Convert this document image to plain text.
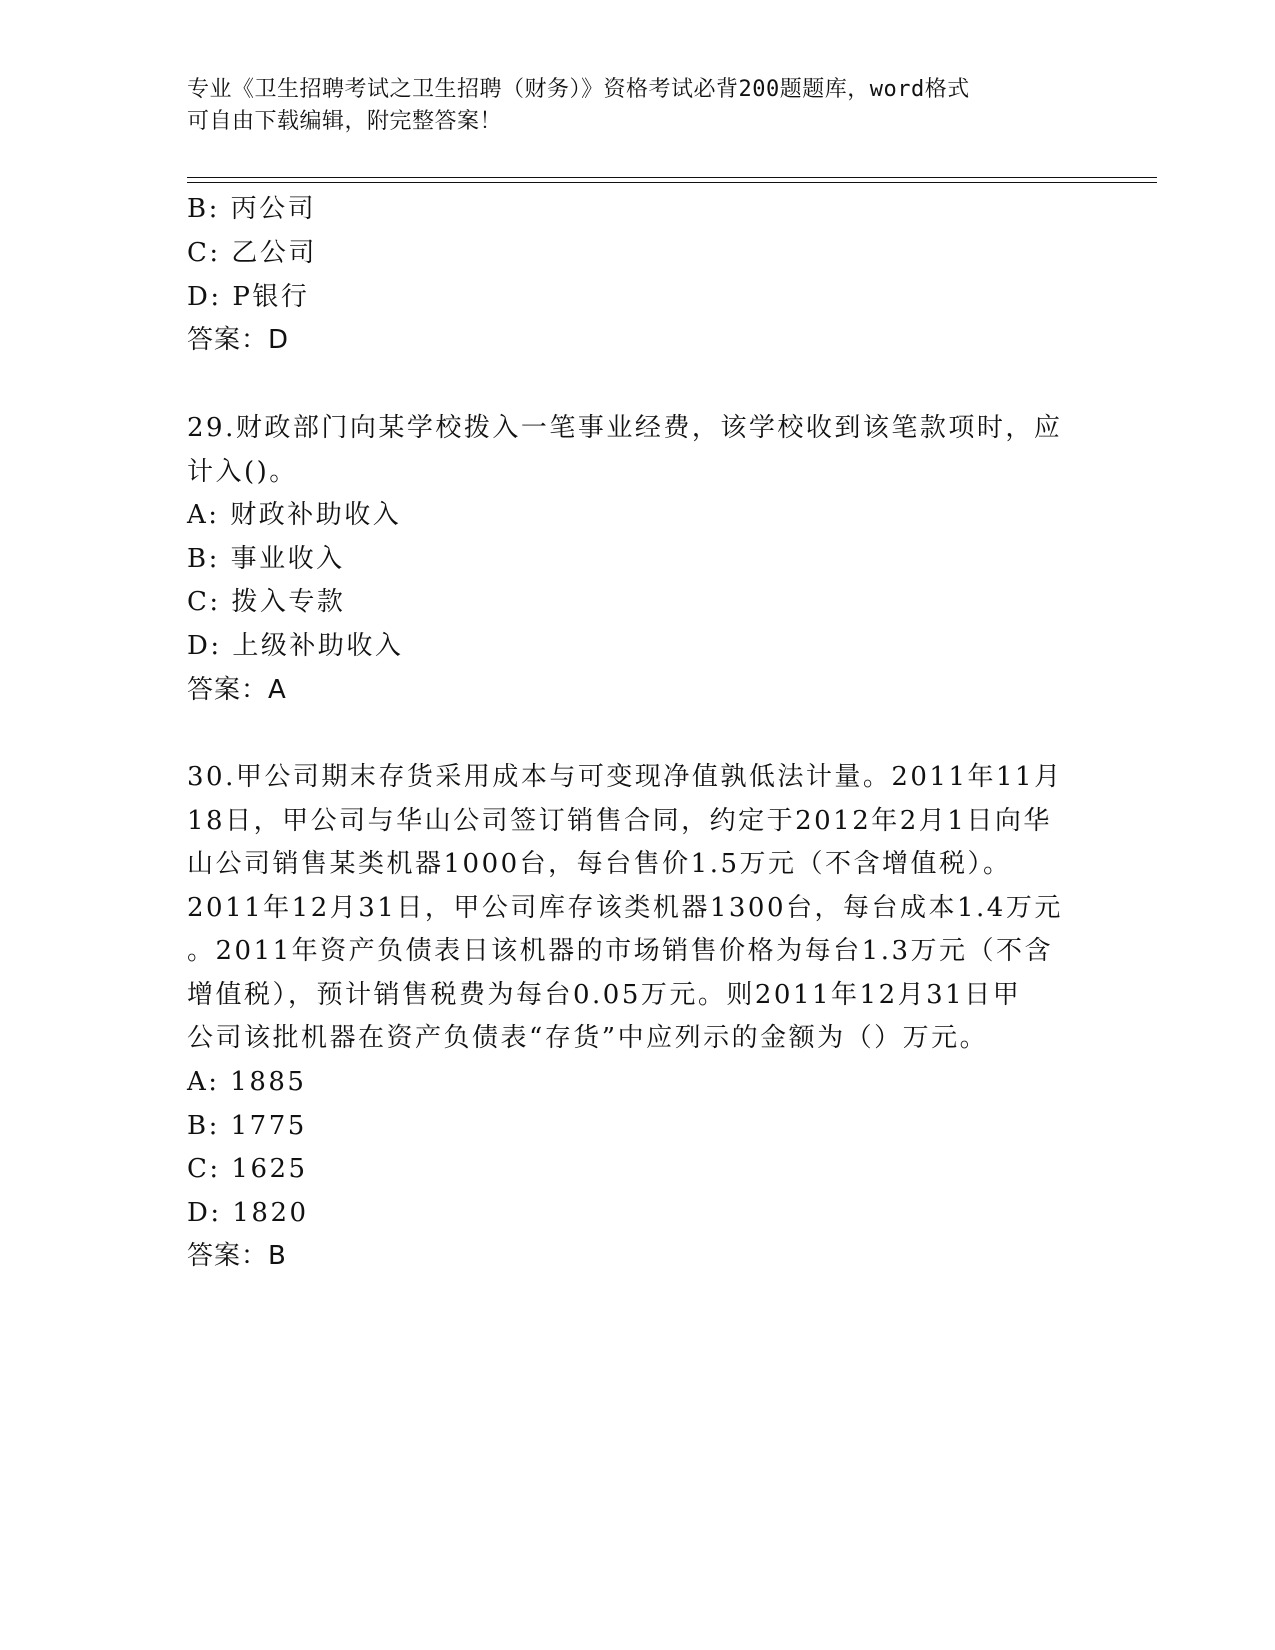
专业《卫生招聘考试之卫生招聘（财务）》资格考试必背200题题库，word格式
可自由下载编辑，附完整答案！
B: 丙公司
C: 乙公司
D: P银行
答案：D
29.财政部门向某学校拨入一笔事业经费，该学校收到该笔款项时，应
计入()。
A: 财政补助收入
B: 事业收入
C: 拨入专款
D: 上级补助收入
答案：A
30.甲公司期末存货采用成本与可变现净值孰低法计量。2011年11月
18日，甲公司与华山公司签订销售合同，约定于2012年2月1日向华
山公司销售某类机器1000台，每台售价1.5万元（不含增值税）。
2011年12月31日，甲公司库存该类机器1300台，每台成本1.4万元
。2011年资产负债表日该机器的市场销售价格为每台1.3万元（不含
增值税），预计销售税费为每台0.05万元。则2011年12月31日甲
公司该批机器在资产负债表“存货”中应列示的金额为（）万元。
A: 1885
B: 1775
C: 1625
D: 1820
答案：B
